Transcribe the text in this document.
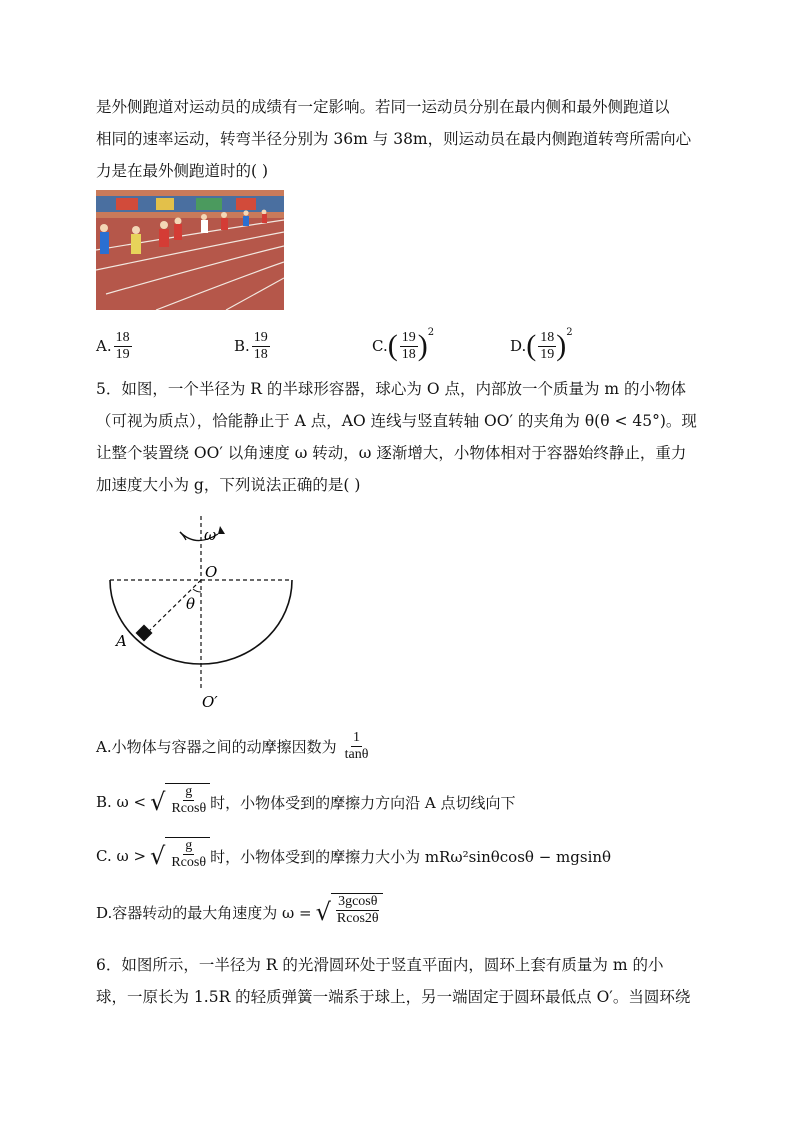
是外侧跑道对运动员的成绩有一定影响。若同一运动员分别在最内侧和最外侧跑道以
相同的速率运动，转弯半径分别为 36m 与 38m，则运动员在最内侧跑道转弯所需向心
力是在最外侧跑道时的( )
A. $\frac{18}{19}$	B. $\frac{19}{18}$	C. ( $\frac{19}{18}$ ) 2
D. ( $\frac{18}{19}$ ) 2
5．如图，一个半径为 R 的半球形容器，球心为 O 点，内部放一个质量为 m 的小物体
（可视为质点），恰能静止于 A 点，AO 连线与竖直转轴 OO′ 的夹角为 θ(θ < 45°)。现
让整个装置绕 OO′ 以角速度 ω 转动，ω 逐渐增大，小物体相对于容器始终静止，重力
加速度大小为 g，下列说法正确的是( )
ω
O
θ
A
O′
A.小物体与容器之间的动摩擦因数为 $\frac{1}{\tan\theta}$
B. ω < √ $\frac{g}{Rcos\theta}$ 时，小物体受到的摩擦力方向沿 A 点切线向下
C. ω > √ $\frac{g}{Rcos\theta}$ 时，小物体受到的摩擦力大小为 mRω²sinθcosθ − mgsinθ
D.容器转动的最大角速度为 ω = √ $\frac{3gcos\theta}{Rcos2\theta}$
6．如图所示，一半径为 R 的光滑圆环处于竖直平面内，圆环上套有质量为 m 的小
球，一原长为 1.5R 的轻质弹簧一端系于球上，另一端固定于圆环最低点 O′。当圆环绕
